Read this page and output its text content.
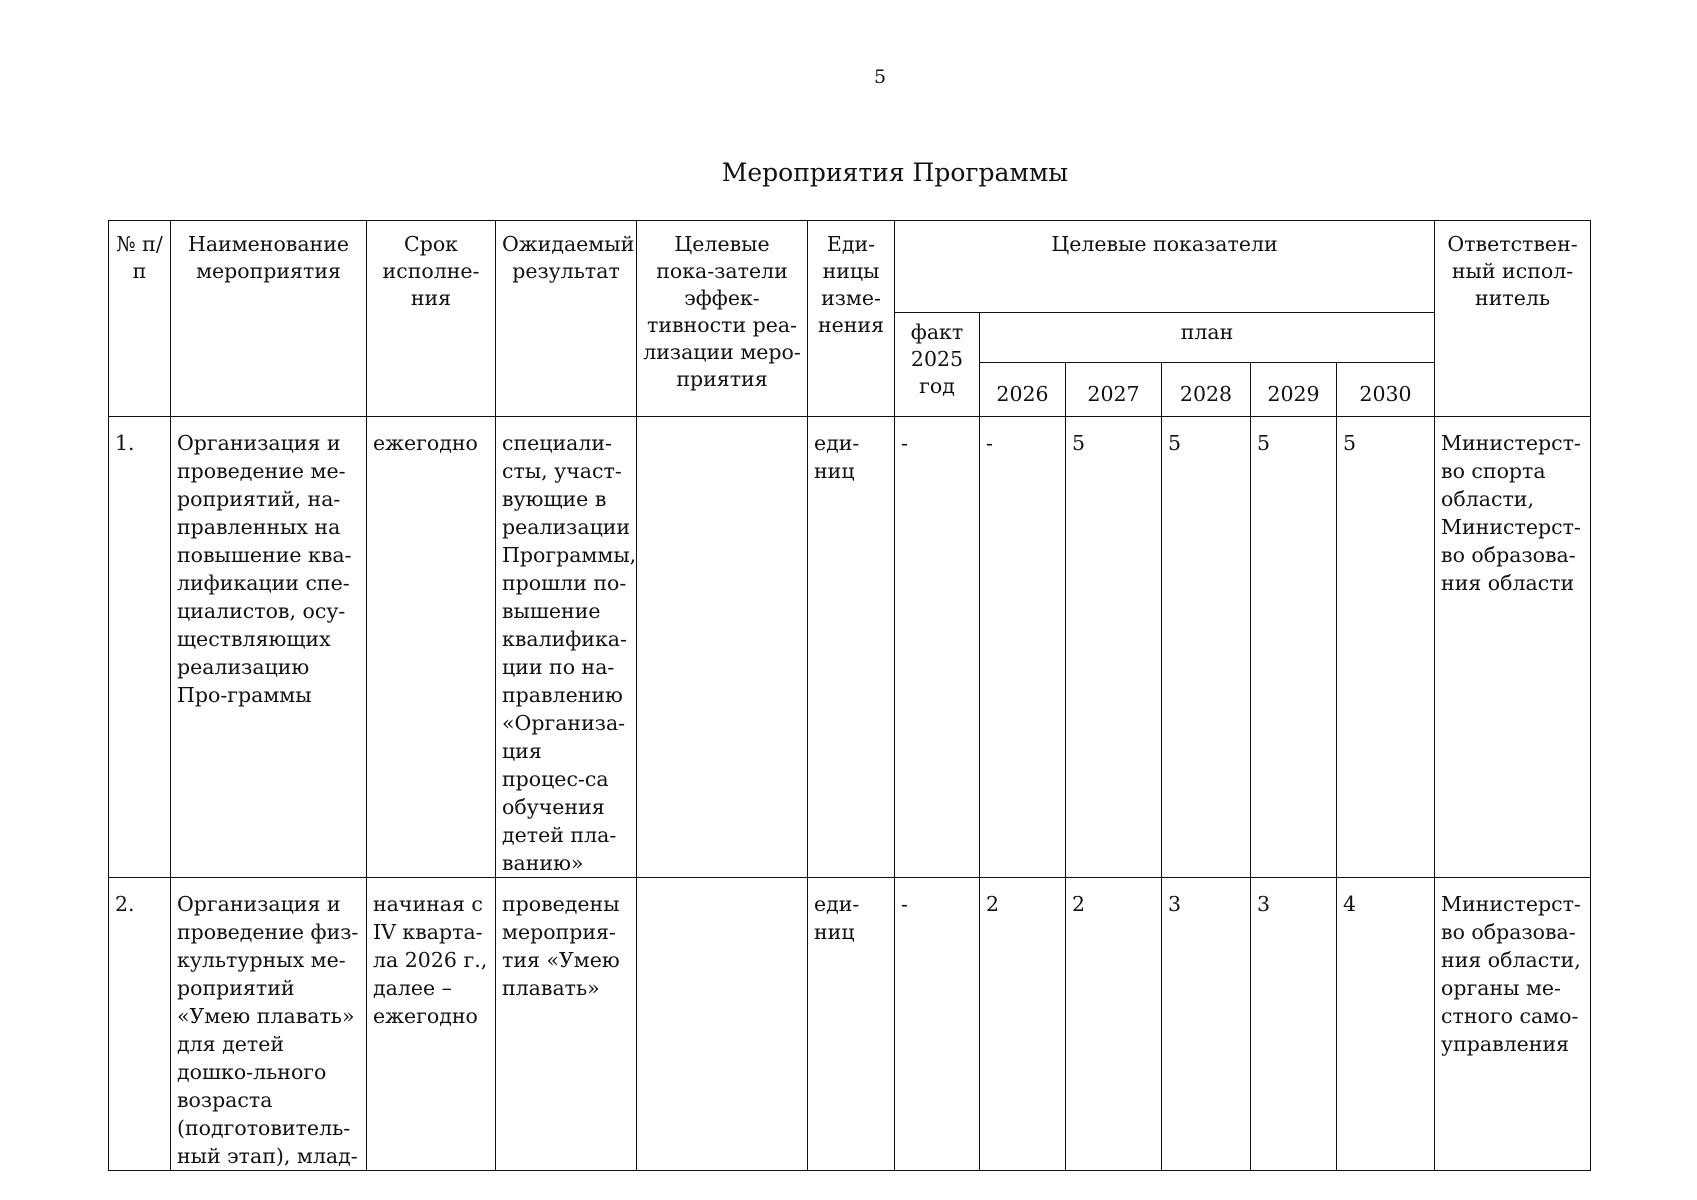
5
Мероприятия Программы
№ п/п	Наименование мероприятия	Срок исполне-ния	Ожидаемый результат	Целевые пока-затели эффек-тивности реа-лизации меро-приятия	Еди-ницы изме-нения	Целевые показатели						Ответствен-ный испол-нитель
						факт 2025 год	план					
							2026	2027	2028	2029	2030	
1.	Организация и проведение ме-роприятий, на-правленных на повышение ква-лификации спе-циалистов, осу-ществляющих реализацию Про-граммы	ежегодно	специали-сты, участ-вующие в реализации Программы, прошли по-вышение квалифика-ции по на-правлению «Организа-ция процес-са обучения детей пла-ванию»		еди-ниц	-	-	5	5	5	5	Министерст-во спорта области, Министерст-во образова-ния области
2.	Организация и проведение физ-культурных ме-роприятий «Умею плавать» для детей дошко-льного возраста (подготовитель-ный этап), млад-	начиная с IV кварта-ла 2026 г., далее – ежегодно	проведены мероприя-тия «Умею плавать»		еди-ниц	-	2	2	3	3	4	Министерст-во образова-ния области, органы ме-стного само-управления
